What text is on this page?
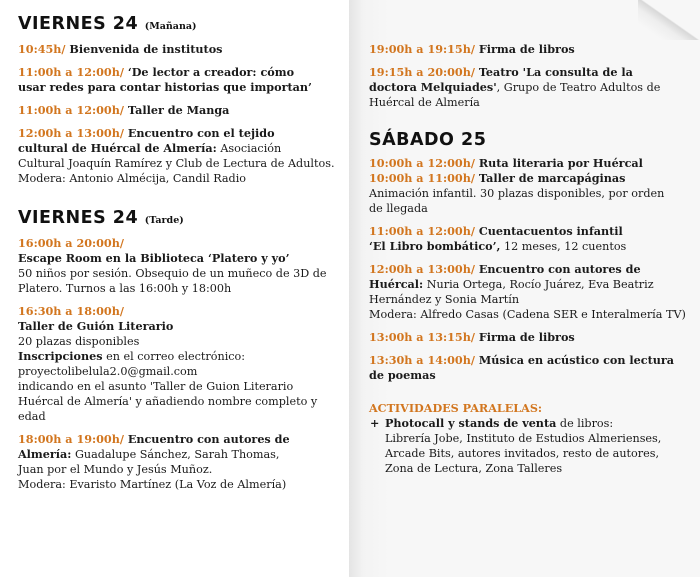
VIERNES 24 (Mañana)
10:45h/ Bienvenida de institutos
11:00h a 12:00h/ ‘De lector a creador: cómo
usar redes para contar historias que importan’
11:00h a 12:00h/ Taller de Manga
12:00h a 13:00h/ Encuentro con el tejido
cultural de Huércal de Almería: Asociación
Cultural Joaquín Ramírez y Club de Lectura de Adultos.
Modera: Antonio Almécija, Candil Radio
VIERNES 24 (Tarde)
16:00h a 20:00h/
Escape Room en la Biblioteca ‘Platero y yo’
50 niños por sesión. Obsequio de un muñeco de 3D de
Platero. Turnos a las 16:00h y 18:00h
16:30h a 18:00h/
Taller de Guión Literario
20 plazas disponibles
Inscripciones en el correo electrónico:
proyectolibelula2.0@gmail.com
indicando en el asunto 'Taller de Guion Literario
Huércal de Almería' y añadiendo nombre completo y
edad
18:00h a 19:00h/ Encuentro con autores de
Almería: Guadalupe Sánchez, Sarah Thomas,
Juan por el Mundo y Jesús Muñoz.
Modera: Evaristo Martínez (La Voz de Almería)
19:00h a 19:15h/ Firma de libros
19:15h a 20:00h/ Teatro 'La consulta de la
doctora Melquiades', Grupo de Teatro Adultos de
Huércal de Almería
SÁBADO 25
10:00h a 12:00h/ Ruta literaria por Huércal
10:00h a 11:00h/ Taller de marcapáginas
Animación infantil. 30 plazas disponibles, por orden
de llegada
11:00h a 12:00h/ Cuentacuentos infantil
‘El Libro bombático’, 12 meses, 12 cuentos
12:00h a 13:00h/ Encuentro con autores de
Huércal: Nuria Ortega, Rocío Juárez, Eva Beatriz
Hernández y Sonia Martín
Modera: Alfredo Casas (Cadena SER e Interalmería TV)
13:00h a 13:15h/ Firma de libros
13:30h a 14:00h/ Música en acústico con lectura
de poemas
ACTIVIDADES PARALELAS:
+ Photocall y stands de venta de libros:
Librería Jobe, Instituto de Estudios Almerienses,
Arcade Bits, autores invitados, resto de autores,
Zona de Lectura, Zona Talleres
